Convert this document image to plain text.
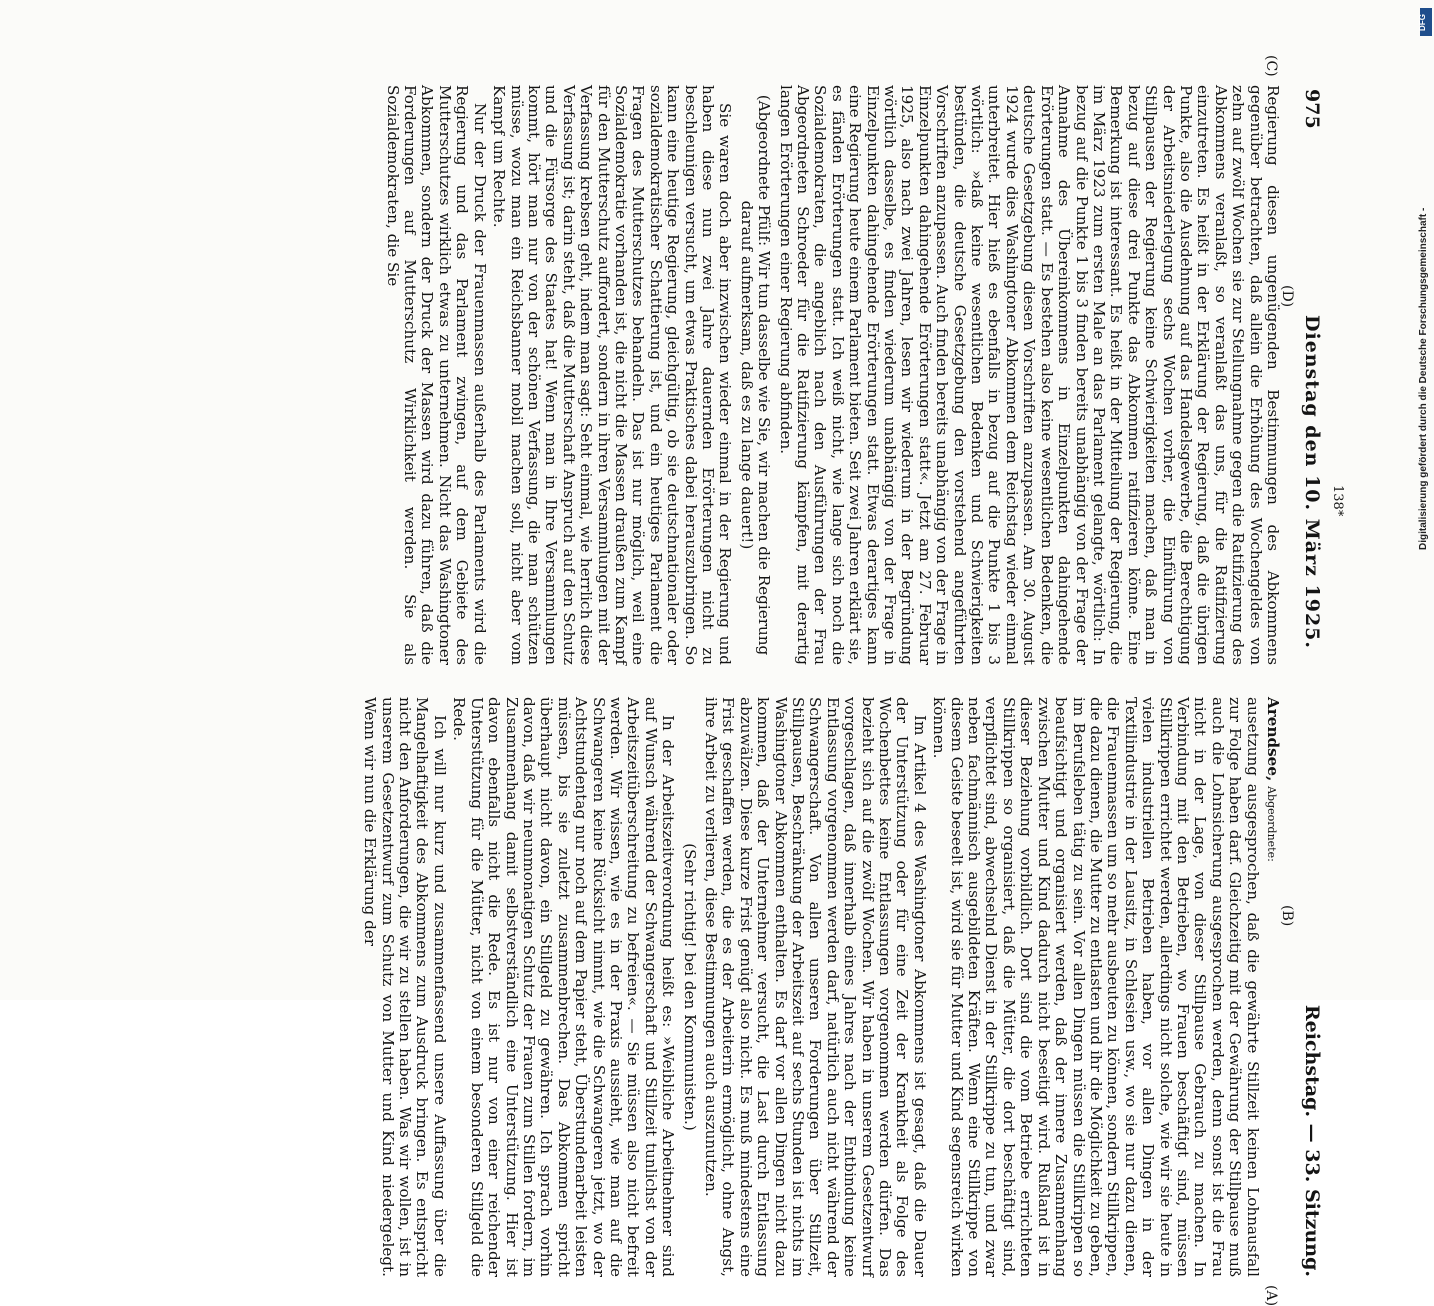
975
Dienstag den 10. März 1925.

Regierung diesen ungenügenden Bestimmungen des Abkommens gegenüber betrachten, daß allein die Erhöhung des Wochengeldes von zehn auf zwölf Wochen sie zur Stellungnahme gegen die Ratifizierung des Abkommens veranlaßt, so veranlaßt das uns, für die Ratifizierung einzutreten. Es heißt in der Erklärung der Regierung, daß die übrigen Punkte, also die Ausdehnung auf das Handelsgewerbe, die Berechtigung der Arbeitsniederlegung sechs Wochen vorher, die Einführung von Stillpausen der Regierung keine Schwierigkeiten machen, daß man in bezug auf diese drei Punkte das Abkommen ratifizieren könne. Eine Bemerkung ist interessant. Es heißt in der Mitteilung der Regierung, die im März 1923 zum ersten Male an das Parlament gelangte, wörtlich: In bezug auf die Punkte 1 bis 3 finden bereits unabhängig von der Frage der Annahme des Übereinkommens in Einzelpunkten dahingehende Erörterungen statt. — Es bestehen also keine wesentlichen Bedenken, die deutsche Gesetzgebung diesen Vorschriften anzupassen. Am 30. August 1924 wurde dies Washingtoner Abkommen dem Reichstag wieder einmal unterbreitet. Hier hieß es ebenfalls in bezug auf die Punkte 1 bis 3 wörtlich: »daß keine wesentlichen Bedenken und Schwierigkeiten bestünden, die deutsche Gesetzgebung den vorstehend angeführten Vorschriften anzupassen. Auch finden bereits unabhängig von der Frage in Einzelpunkten dahingehende Erörterungen statt«. Jetzt am 27. Februar 1925, also nach zwei Jahren, lesen wir wiederum in der Begründung wörtlich dasselbe, es finden wiederum unabhängig von der Frage in Einzelpunkten dahingehende Erörterungen statt. Etwas derartiges kann eine Regierung heute einem Parlament bieten. Seit zwei Jahren erklärt sie, es fänden Erörterungen statt. Ich weiß nicht, wie lange sich noch die Sozialdemokraten, die angeblich nach den Ausführungen der Frau Abgeordneten Schroeder für die Ratifizierung kämpfen, mit derartig langen Erörterungen einer Regierung abfinden.

(Abgeordnete Pfülf: Wir tun dasselbe wie Sie, wir machen die Regierung darauf aufmerksam, daß es zu lange dauert!)

Sie waren doch aber inzwischen wieder einmal in der Regierung und haben diese nun zwei Jahre dauernden Erörterungen nicht zu beschleunigen versucht, um etwas Praktisches dabei herauszubringen. So kann eine heutige Regierung, gleichgültig, ob sie deutschnationaler oder sozialdemokratischer Schattierung ist, und ein heutiges Parlament die Fragen des Mutterschutzes behandeln. Das ist nur möglich, weil eine Sozialdemokratie vorhanden ist, die nicht die Massen draußen zum Kampf für den Mutterschutz auffordert, sondern in ihren Versammlungen mit der Verfassung krebsen geht, indem man sagt: Seht einmal, wie herrlich diese Verfassung ist; darin steht, daß die Mutterschaft Anspruch auf den Schutz und die Fürsorge des Staates hat! Wenn man in Ihre Versammlungen kommt, hört man nur von der schönen Verfassung, die man schützen müsse, wozu man ein Reichsbanner mobil machen soll, nicht aber vom Kampf um Rechte.

Nur der Druck der Frauenmassen außerhalb des Parlaments wird die Regierung und das Parlament zwingen, auf dem Gebiete des Mutterschutzes wirklich etwas zu unternehmen. Nicht das Washingtoner Abkommen, sondern der Druck der Massen wird dazu führen, daß die Forderungen auf Mutterschutz Wirklichkeit werden. Sie als Sozialdemokraten, die Sie

Reichstag. — 33. Sitzung.

Arendsee, Abgeordnete:

ausetzung ausgesprochen, daß die gewährte Stillzeit keinen Lohnausfall zur Folge haben darf. Gleichzeitig mit der Gewährung der Stillpause muß auch die Lohnsicherung ausgesprochen werden, denn sonst ist die Frau nicht in der Lage, von dieser Stillpause Gebrauch zu machen. In Verbindung mit den Betrieben, wo Frauen beschäftigt sind, müssen Stillkrippen errichtet werden, allerdings nicht solche, wie wir sie heute in vielen industriellen Betrieben haben, vor allen Dingen in der Textilindustrie in der Lausitz, in Schlesien usw., wo sie nur dazu dienen, die Frauenmassen um so mehr ausbeuten zu können, sondern Stillkrippen, die dazu dienen, die Mutter zu entlasten und ihr die Möglichkeit zu geben, im Berufsleben tätig zu sein. Vor allen Dingen müssen die Stillkrippen so beaufsichtigt und organisiert werden, daß der innere Zusammenhang zwischen Mutter und Kind dadurch nicht beseitigt wird. Rußland ist in dieser Beziehung vorbildlich. Dort sind die vom Betriebe errichteten Stillkrippen so organisiert, daß die Mütter, die dort beschäftigt sind, verpflichtet sind, abwechselnd Dienst in der Stillkrippe zu tun, und zwar neben fachmännisch ausgebildeten Kräften. Wenn eine Stillkrippe von diesem Geiste beseelt ist, wird sie für Mutter und Kind segensreich wirken können.

Im Artikel 4 des Washingtoner Abkommens ist gesagt, daß die Dauer der Unterstützung oder für eine Zeit der Krankheit als Folge des Wochenbettes keine Entlassungen vorgenommen werden dürfen. Das bezieht sich auf die zwölf Wochen. Wir haben in unserem Gesetzentwurf vorgeschlagen, daß innerhalb eines Jahres nach der Entbindung keine Entlassung vorgenommen werden darf, natürlich auch nicht während der Schwangerschaft. Von allen unseren Forderungen über Stillzeit, Stillpausen, Beschränkung der Arbeitszeit auf sechs Stunden ist nichts im Washingtoner Abkommen enthalten. Es darf vor allen Dingen nicht dazu kommen, daß der Unternehmer versucht, die Last durch Entlassung abzuwälzen. Diese kurze Frist genügt also nicht. Es muß mindestens eine Frist geschaffen werden, die es der Arbeiterin ermöglicht, ohne Angst, ihre Arbeit zu verlieren, diese Bestimmungen auch auszunutzen.

(Sehr richtig! bei den Kommunisten.)

In der Arbeitszeitverordnung heißt es: »Weibliche Arbeitnehmer sind auf Wunsch während der Schwangerschaft und Stillzeit tunlichst von der Arbeitszeitüberschreitung zu befreien«. — Sie müssen also nicht befreit werden. Wir wissen, wie es in der Praxis aussieht, wie man auf die Schwangeren keine Rücksicht nimmt, wie die Schwangeren jetzt, wo der Achtstundentag nur noch auf dem Papier steht, Überstundenarbeit leisten müssen, bis sie zuletzt zusammenbrechen. Das Abkommen spricht überhaupt nicht davon, ein Stillgeld zu gewähren. Ich sprach vorhin davon, daß wir neunmonatigen Schutz der Frauen zum Stillen fordern, im Zusammenhang damit selbstverständlich eine Unterstützung. Hier ist davon ebenfalls nicht die Rede. Es ist nur von einer reichender Unterstützung für die Mütter, nicht von einem besonderen Stillgeld die Rede.

Ich will nur kurz und zusammenfassend unsere Auffassung über die Mangelhaftigkeit des Abkommens zum Ausdruck bringen. Es entspricht nicht den Anforderungen, die wir zu stellen haben. Was wir wollen, ist in unserem Gesetzentwurf zum Schutz von Mutter und Kind niedergelegt. Wenn wir nun die Erklärung der

(A)
(B)
(C)
(D)
138*
DFG
Digitalisierung gefördert durch die Deutsche Forschungsgemeinschaft -
